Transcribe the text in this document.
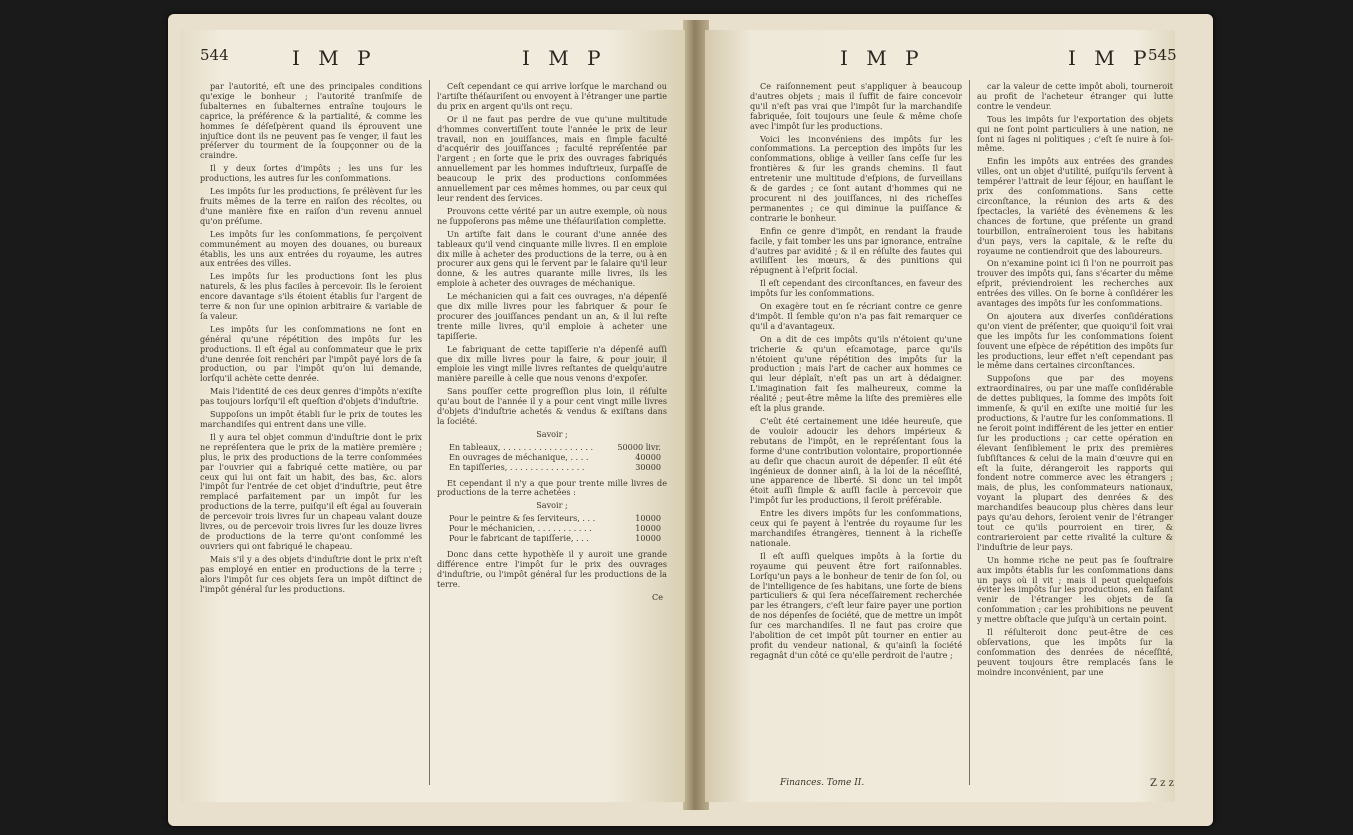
544	I M P	I M P

par l'autorité, eſt une des principales conditions qu'exige le bonheur ; l'autorité tranſmiſe de ſubalternes en ſubalternes entraîne toujours le caprice, la préférence & la partialité, & comme les hommes ſe déſeſpèrent quand ils éprouvent une injuſtice dont ils ne peuvent pas ſe venger, il faut les préſerver du tourment de la ſoupçonner ou de la craindre.

Il y deux ſortes d'impôts ; les uns ſur les productions, les autres ſur les conſommations.

Les impôts ſur les productions, ſe prélèvent ſur les fruits mêmes de la terre en raiſon des récoltes, ou d'une manière fixe en raiſon d'un revenu annuel qu'on préſume.

Les impôts ſur les conſommations, ſe perçoivent communément au moyen des douanes, ou bureaux établis, les uns aux entrées du royaume, les autres aux entrées des villes.

Les impôts ſur les productions ſont les plus naturels, & les plus faciles à percevoir. Ils le ſeroient encore davantage s'ils étoient établis ſur l'argent de terre & non ſur une opinion arbitraire & variable de ſa valeur.

Les impôts ſur les conſommations ne ſont en général qu'une répétition des impôts ſur les productions. Il eſt égal au conſommateur que le prix d'une denrée ſoit renchéri par l'impôt payé lors de ſa production, ou par l'impôt qu'on lui demande, lorſqu'il achète cette denrée.

Mais l'identité de ces deux genres d'impôts n'exiſte pas toujours lorſqu'il eſt queſtion d'objets d'induſtrie.

Suppoſons un impôt établi ſur le prix de toutes les marchandiſes qui entrent dans une ville.

Il y aura tel objet commun d'induſtrie dont le prix ne repréſentera que le prix de la matière première ; plus, le prix des productions de la terre conſommées par l'ouvrier qui a fabriqué cette matière, ou par ceux qui lui ont fait un habit, des bas, &c. alors l'impôt ſur l'entrée de cet objet d'induſtrie, peut être remplacé parfaitement par un impôt ſur les productions de la terre, puiſqu'il eſt égal au ſouverain de percevoir trois livres ſur un chapeau valant douze livres, ou de percevoir trois livres ſur les douze livres de productions de la terre qu'ont conſommé les ouvriers qui ont fabriqué le chapeau.

Mais s'il y a des objets d'induſtrie dont le prix n'eſt pas employé en entier en productions de la terre ; alors l'impôt ſur ces objets ſera un impôt diſtinct de l'impôt général ſur les productions.

Ceſt cependant ce qui arrive lorſque le marchand ou l'artiſte théſauriſent ou envoyent à l'étranger une partie du prix en argent qu'ils ont reçu.

Or il ne faut pas perdre de vue qu'une multitude d'hommes convertiſſent toute l'année le prix de leur travail, non en jouiſſances, mais en ſimple faculté d'acquérir des jouiſſances ; faculté repréſentée par l'argent ; en ſorte que le prix des ouvrages fabriqués annuellement par les hommes induſtrieux, ſurpaſſe de beaucoup le prix des productions conſommées annuellement par ces mêmes hommes, ou par ceux qui leur rendent des ſervices.

Prouvons cette vérité par un autre exemple, où nous ne ſuppoſerons pas même une théſauriſation complette.

Un artiſte fait dans le courant d'une année des tableaux qu'il vend cinquante mille livres. Il en emploie dix mille à acheter des productions de la terre, ou à en procurer aux gens qui le ſervent par le ſalaire qu'il leur donne, & les autres quarante mille livres, ils les emploie à acheter des ouvrages de méchanique.

Le méchanicien qui a fait ces ouvrages, n'a dépenſé que dix mille livres pour les fabriquer & pour ſe procurer des jouiſſances pendant un an, & il lui reſte trente mille livres, qu'il emploie à acheter une tapiſſerie.

Le fabriquant de cette tapiſſerie n'a dépenſé auſſi que dix mille livres pour la faire, & pour jouir, il emploie les vingt mille livres reſtantes de quelqu'autre manière pareille à celle que nous venons d'expoſer.

Sans pouſſer cette progreſſion plus loin, il réſulte qu'au bout de l'année il y a pour cent vingt mille livres d'objets d'induſtrie achetés & vendus & exiſtans dans la ſociété.

Savoir ;

En tableaux, . . . . . . . . . . . . . . . . . .	50000 livr.
En ouvrages de méchanique, . . . .	40000
En tapiſſeries, . . . . . . . . . . . . . . .	30000

Et cependant il n'y a que pour trente mille livres de productions de la terre achetées :

Savoir ;

Pour le peintre & ſes ſerviteurs, . . .	10000
Pour le méchanicien, . . . . . . . . . . .	10000
Pour le fabricant de tapiſſerie, . . .	10000

Donc dans cette hypothèſe il y auroit une grande différence entre l'impôt ſur le prix des ouvrages d'induſtrie, ou l'impôt général ſur les productions de la terre.

Ce
I M P	I M P
545

Ce raiſonnement peut s'appliquer à beaucoup d'autres objets ; mais il ſuffit de faire concevoir qu'il n'eſt pas vrai que l'impôt ſur la marchandiſe fabriquée, ſoit toujours une ſeule & même choſe avec l'impôt ſur les productions.

Voici les inconvéniens des impôts ſur les conſommations. La perception des impôts ſur les conſommations, oblige à veiller ſans ceſſe ſur les frontières & ſur les grands chemins. Il faut entretenir une multitude d'eſpions, de ſurveillans & de gardes ; ce ſont autant d'hommes qui ne procurent ni des jouiſſances, ni des richeſſes permanentes ; ce qui diminue la puiſſance & contrarie le bonheur.

Enfin ce genre d'impôt, en rendant la fraude facile, y fait tomber les uns par ignorance, entraîne d'autres par avidité ; & il en réſulte des fautes qui aviliſſent les mœurs, & des punitions qui répugnent à l'eſprit ſocial.

Il eſt cependant des circonſtances, en faveur des impôts ſur les conſommations.

On exagère tout en ſe récriant contre ce genre d'impôt. Il ſemble qu'on n'a pas fait remarquer ce qu'il a d'avantageux.

On a dit de ces impôts qu'ils n'étoient qu'une tricherie & qu'un eſcamotage, parce qu'ils n'étoient qu'une répétition des impôts ſur la production ; mais l'art de cacher aux hommes ce qui leur déplaît, n'eſt pas un art à dédaigner. L'imagination fait ſes malheureux, comme la réalité ; peut-être même la liſte des premières elle eſt la plus grande.

C'eût été certainement une idée heureuſe, que de vouloir adoucir les dehors impérieux & rebutans de l'impôt, en le repréſentant ſous la forme d'une contribution volontaire, proportionnée au deſir que chacun auroit de dépenſer. Il eût été ingénieux de donner ainſi, à la loi de la néceſſité, une apparence de liberté. Si donc un tel impôt étoit auſſi ſimple & auſſi facile à percevoir que l'impôt ſur les productions, il ſeroit préférable.

Entre les divers impôts ſur les conſommations, ceux qui ſe payent à l'entrée du royaume ſur les marchandiſes étrangères, tiennent à la richeſſe nationale.

Il eſt auſſi quelques impôts à la ſortie du royaume qui peuvent être fort raiſonnables. Lorſqu'un pays a le bonheur de tenir de ſon ſol, ou de l'intelligence de ſes habitans, une ſorte de biens particuliers & qui ſera néceſſairement recherchée par les étrangers, c'eſt leur faire payer une portion de nos dépenſes de ſociété, que de mettre un impôt ſur ces marchandiſes. Il ne faut pas croire que l'abolition de cet impôt pût tourner en entier au profit du vendeur national, & qu'ainſi la ſociété regagnât d'un côté ce qu'elle perdroit de l'autre ;

car la valeur de cette impôt aboli, tourneroit au profit de l'acheteur étranger qui lutte contre le vendeur.

Tous les impôts ſur l'exportation des objets qui ne ſont point particuliers à une nation, ne ſont ni ſages ni politiques ; c'eſt ſe nuire à ſoi-même.

Enfin les impôts aux entrées des grandes villes, ont un objet d'utilité, puiſqu'ils ſervent à tempérer l'attrait de leur ſéjour, en hauſſant le prix des conſommations. Sans cette circonſtance, la réunion des arts & des ſpectacles, la variété des évènemens & les chances de fortune, que préſente un grand tourbillon, entraîneroient tous les habitans d'un pays, vers la capitale, & le reſte du royaume ne contiendroit que des laboureurs.

On n'examine point ici ſi l'on ne pourroit pas trouver des impôts qui, ſans s'écarter du même eſprit, préviendroient les recherches aux entrées des villes. On ſe borne à conſidérer les avantages des impôts ſur les conſommations.

On ajoutera aux diverſes conſidérations qu'on vient de préſenter, que quoiqu'il ſoit vrai que les impôts ſur les conſommations ſoient ſouvent une eſpèce de répétition des impôts ſur les productions, leur effet n'eſt cependant pas le même dans certaines circonſtances.

Suppoſons que par des moyens extraordinaires, ou par une maſſe conſidérable de dettes publiques, la ſomme des impôts ſoit immenſe, & qu'il en exiſte une moitié ſur les productions, & l'autre ſur les conſommations. Il ne ſeroit point indifférent de les jetter en entier ſur les productions ; car cette opération en élevant ſenſiblement le prix des premières ſubſiſtances & celui de la main d'œuvre qui en eſt la ſuite, dérangeroit les rapports qui fondent notre commerce avec les étrangers ; mais, de plus, les conſommateurs nationaux, voyant la plupart des denrées & des marchandiſes beaucoup plus chères dans leur pays qu'au dehors, ſeroient venir de l'étranger tout ce qu'ils pourroient en tirer, & contrarieroient par cette rivalité la culture & l'induſtrie de leur pays.

Un homme riche ne peut pas ſe ſouſtraire aux impôts établis ſur les conſommations dans un pays où il vit ; mais il peut quelquefois éviter les impôts ſur les productions, en faiſant venir de l'étranger les objets de ſa conſommation ; car les prohibitions ne peuvent y mettre obſtacle que juſqu'à un certain point.

Il réſulteroit donc peut-être de ces obſervations, que les impôts ſur la conſommation des denrées de néceſſité, peuvent toujours être remplacés ſans le moindre inconvénient, par une

Finances. Tome II.	Z z z
